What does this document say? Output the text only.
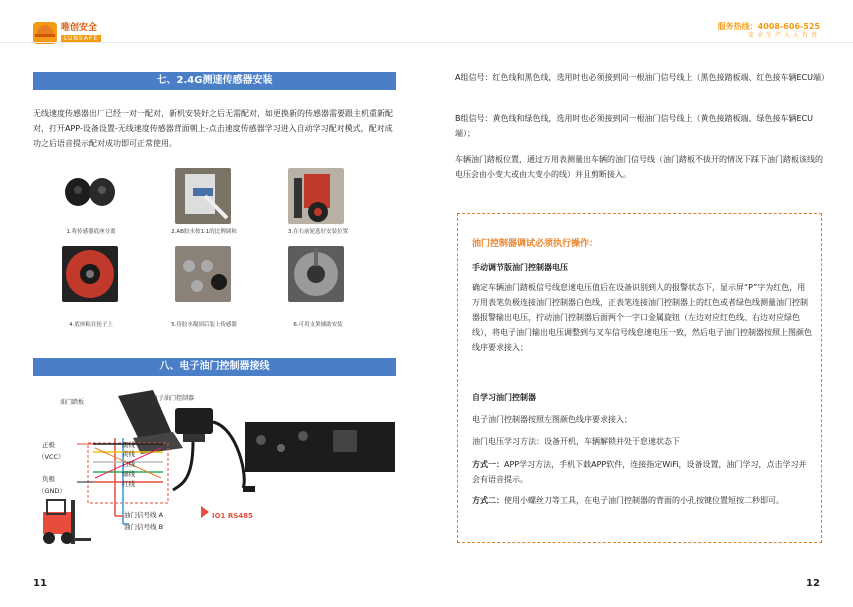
唯创安全
LUNSAFE
服务热线：4008-606-525
安全生产人人有责
七、2.4G测速传感器安装
无线速度传感器出厂已经一对一配对，新机安装好之后无需配对，如更换新的传感器需要跟主机重新配对，打开APP-设备设置-无线速度传感器背面朝上-点击速度传感器学习进入自动学习配对模式，配对成功之后语音提示配对成功即可正常使用。
1.将传感器底座分离	2.AB胶水按1:1的比例调和	3.在右前轮选好安装位置
4.底座粘在轮子上	5.待胶水凝固后装上传感器	6.可用支架辅助安装
八、电子油门控制器接线
油门踏板
电子油门控制器
正极
（VCC）
负极
（GND）
黑线
黄线
白线
绿线
红线
油门信号线 A
油门信号线 B
IO1 RS485
11
A组信号：红色线和黑色线，选用时也必须接到同一根油门信号线上（黑色接踏板端、红色接车辆ECU端）
B组信号：黄色线和绿色线，选用时也必须接到同一根油门信号线上（黄色接踏板端、绿色接车辆ECU端）；
车辆油门踏板位置，通过万用表测量出车辆的油门信号线（油门踏板不拔开的情况下踩下油门踏板该线的电压会由小变大或由大变小的线）并且剪断接入。
油门控制器调试必须执行操作：
手动调节版油门控制器电压
确定车辆油门踏板信号线怠速电压值后在设备识别到人的报警状态下，显示屏“P”字为红色，用万用表笔负极连接油门控制器白色线，正表笔连接油门控制器上的红色或者绿色线测量油门控制器报警输出电压，拧动油门控制器后面两个一字口金属旋钮（左边对应红色线、右边对应绿色线），将电子油门输出电压调整到与叉车信号线怠速电压一致，然后电子油门控制器按照上图颜色线序要求接入；
自学习油门控制器
电子油门控制器按照左图颜色线序要求接入；
油门电压学习方法：设备开机，车辆解锁并处于怠速状态下
方式一：APP学习方法，手机下载APP软件，连接指定WiFi，设备设置，油门学习，点击学习并会有语音提示。
方式二：使用小螺丝刀等工具，在电子油门控制器的背面的小孔按键位置短按二秒即可。
12
